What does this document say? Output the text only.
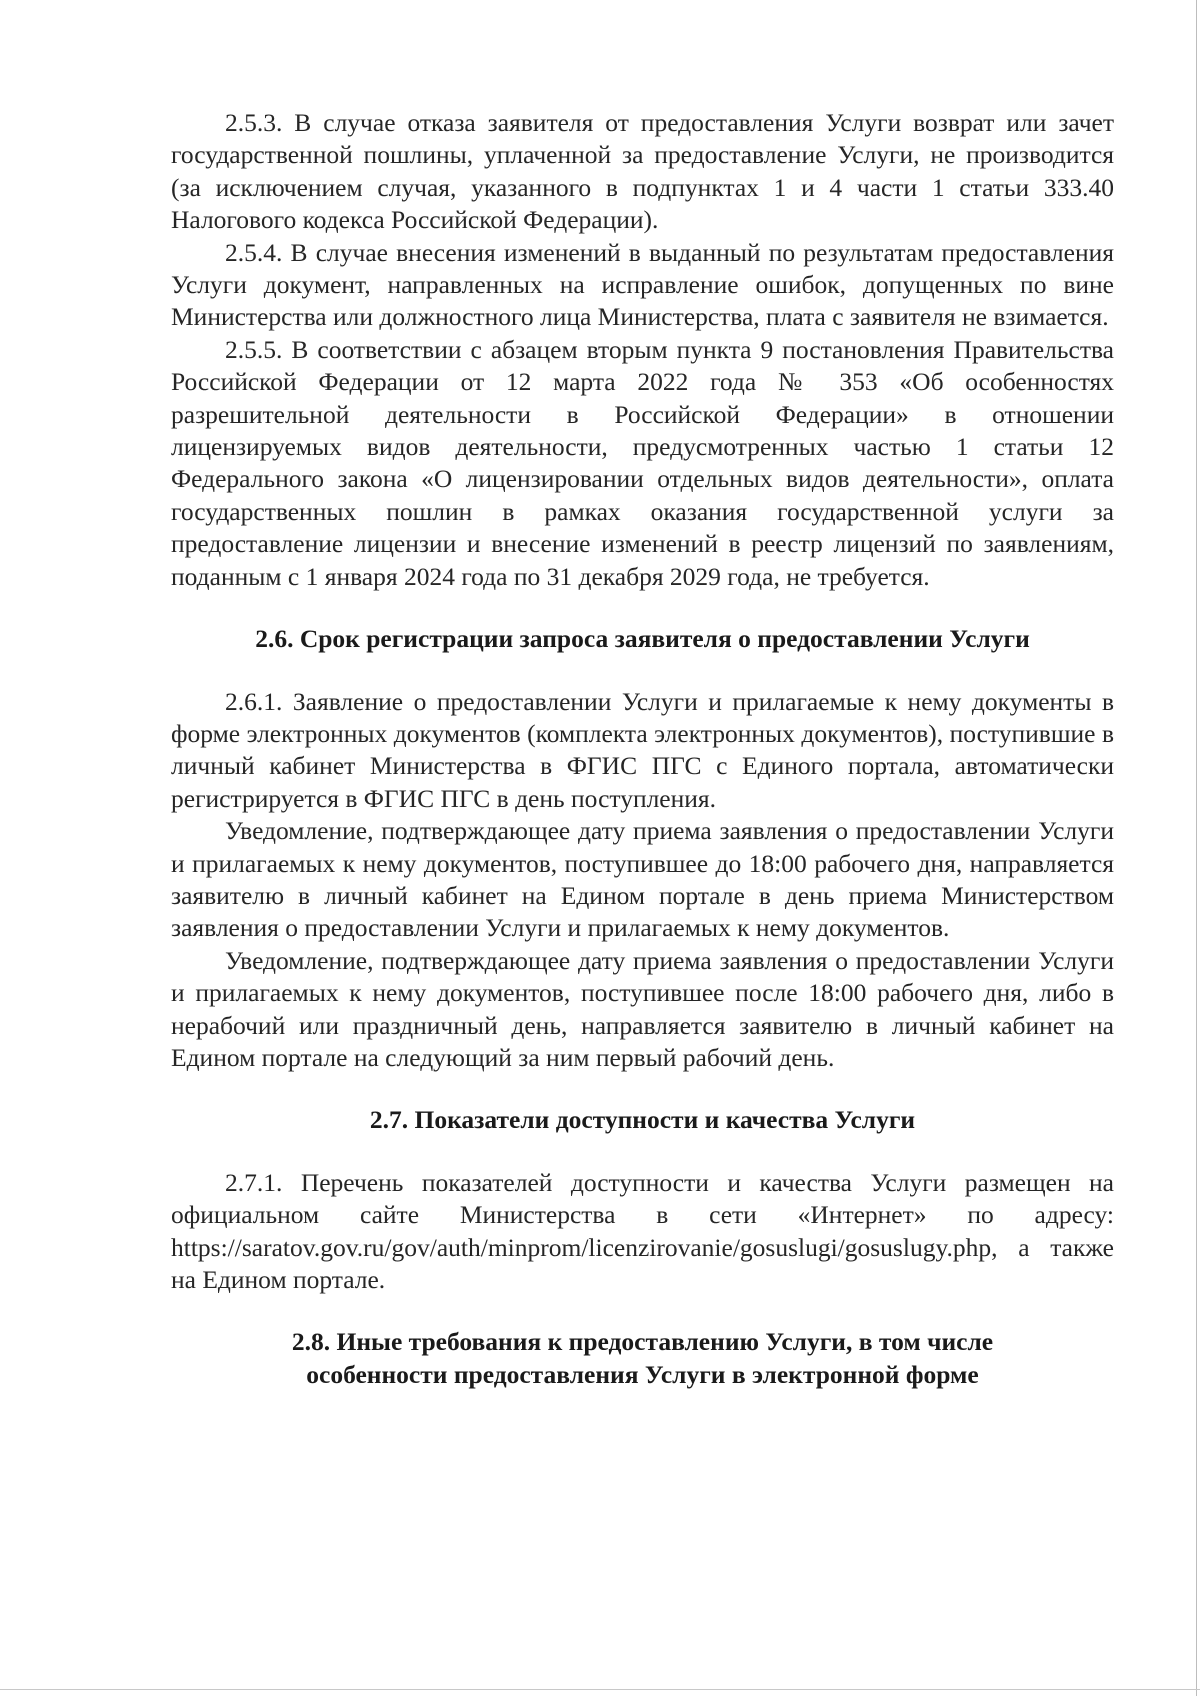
2.5.3. В случае отказа заявителя от предоставления Услуги возврат или зачет государственной пошлины, уплаченной за предоставление Услуги, не производится (за исключением случая, указанного в подпунктах 1 и 4 части 1 статьи 333.40 Налогового кодекса Российской Федерации).

2.5.4. В случае внесения изменений в выданный по результатам предоставления Услуги документ, направленных на исправление ошибок, допущенных по вине Министерства или должностного лица Министерства, плата с заявителя не взимается.

2.5.5. В соответствии с абзацем вторым пункта 9 постановления Правительства Российской Федерации от 12 марта 2022 года № 353 «Об особенностях разрешительной деятельности в Российской Федерации» в отношении лицензируемых видов деятельности, предусмотренных частью 1 статьи 12 Федерального закона «О лицензировании отдельных видов деятельности», оплата государственных пошлин в рамках оказания государственной услуги за предоставление лицензии и внесение изменений в реестр лицензий по заявлениям, поданным с 1 января 2024 года по 31 декабря 2029 года, не требуется.

2.6. Срок регистрации запроса заявителя о предоставлении Услуги

2.6.1. Заявление о предоставлении Услуги и прилагаемые к нему документы в форме электронных документов (комплекта электронных документов), поступившие в личный кабинет Министерства в ФГИС ПГС с Единого портала, автоматически регистрируется в ФГИС ПГС в день поступления.

Уведомление, подтверждающее дату приема заявления о предоставлении Услуги и прилагаемых к нему документов, поступившее до 18:00 рабочего дня, направляется заявителю в личный кабинет на Едином портале в день приема Министерством заявления о предоставлении Услуги и прилагаемых к нему документов.

Уведомление, подтверждающее дату приема заявления о предоставлении Услуги и прилагаемых к нему документов, поступившее после 18:00 рабочего дня, либо в нерабочий или праздничный день, направляется заявителю в личный кабинет на Едином портале на следующий за ним первый рабочий день.

2.7. Показатели доступности и качества Услуги

2.7.1. Перечень показателей доступности и качества Услуги размещен на официальном сайте Министерства в сети «Интернет» по адресу: https://saratov.gov.ru/gov/auth/minprom/licenzirovanie/gosuslugi/gosuslugy.php, а также на Едином портале.

2.8. Иные требования к предоставлению Услуги, в том числе особенности предоставления Услуги в электронной форме
